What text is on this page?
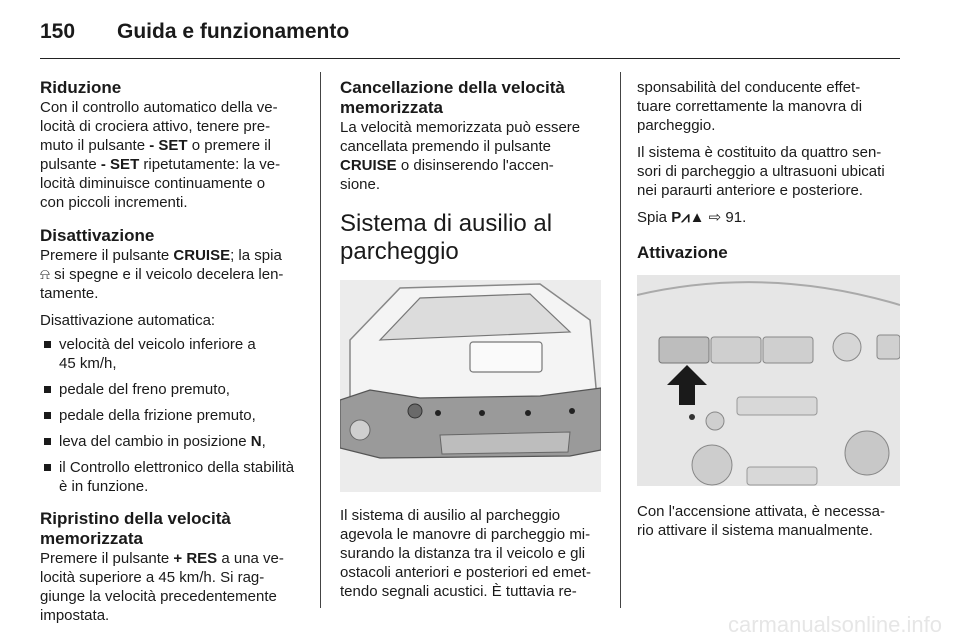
150	Guida e funzionamento
Riduzione

Con il controllo automatico della ve-
locità di crociera attivo, tenere pre-
muto il pulsante - SET o premere il
pulsante - SET ripetutamente: la ve-
locità diminuisce continuamente o
con piccoli incrementi.

Disattivazione

Premere il pulsante CRUISE; la spia
⍾ si spegne e il veicolo decelera len-
tamente.

Disattivazione automatica:

velocità del veicolo inferiore a
45 km/h,
pedale del freno premuto,
pedale della frizione premuto,
leva del cambio in posizione N,
il Controllo elettronico della stabilità
è in funzione.
Ripristino della velocità
memorizzata

Premere il pulsante + RES a una ve-
locità superiore a 45 km/h. Si rag-
giunge la velocità precedentemente
impostata.

Cancellazione della velocità
memorizzata

La velocità memorizzata può essere
cancellata premendo il pulsante
CRUISE o disinserendo l'accen-
sione.

Sistema di ausilio al
parcheggio

Il sistema di ausilio al parcheggio
agevola le manovre di parcheggio mi-
surando la distanza tra il veicolo e gli
ostacoli anteriori e posteriori ed emet-
tendo segnali acustici. È tuttavia re-

sponsabilità del conducente effet-
tuare correttamente la manovra di
parcheggio.

Il sistema è costituito da quattro sen-
sori di parcheggio a ultrasuoni ubicati
nei paraurti anteriore e posteriore.

Spia P⩘▲ ⇨ 91.

Attivazione

Con l'accensione attivata, è necessa-
rio attivare il sistema manualmente.

carmanualsonline.info
